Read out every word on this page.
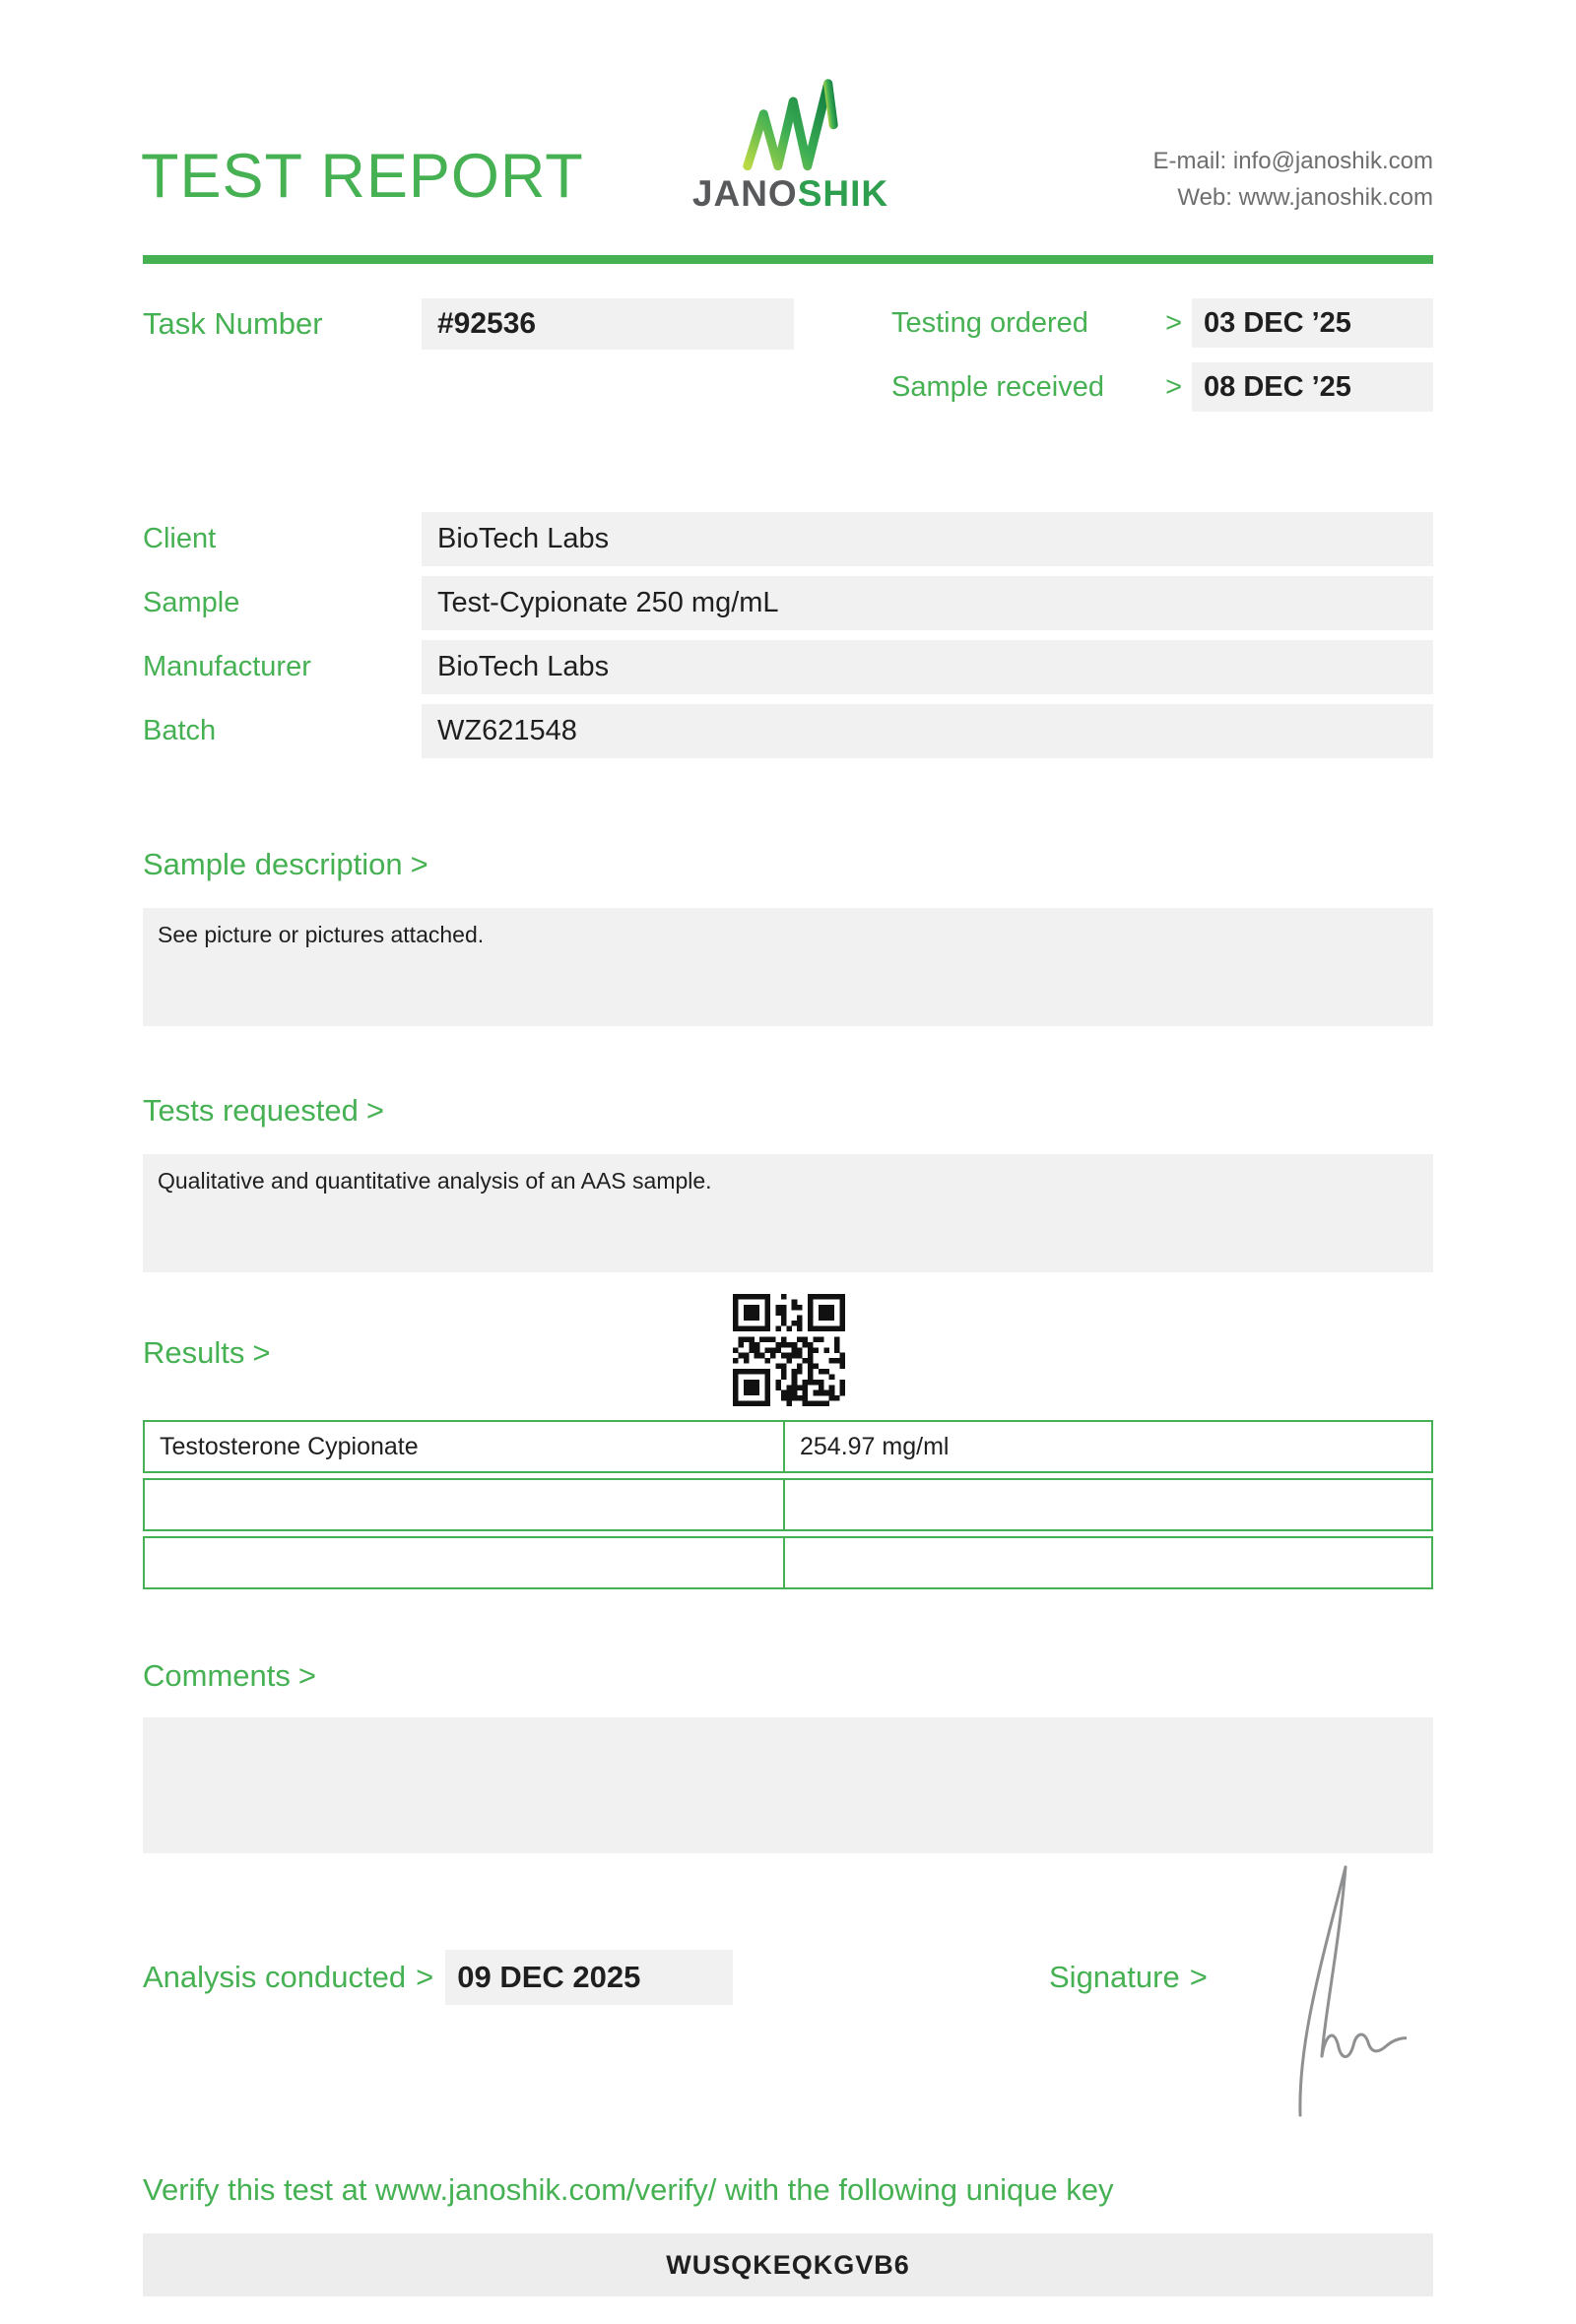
TEST REPORT	JANOSHIK
E-mail: info@janoshik.com
Web: www.janoshik.com
Task Number	#92536	Testing ordered	> 03 DEC ’25
Sample received	> 08 DEC ’25
Client	BioTech Labs
Sample	Test-Cypionate 250 mg/mL
Manufacturer	BioTech Labs
Batch	WZ621548
Sample description >
See picture or pictures attached.
Tests requested >
Qualitative and quantitative analysis of an AAS sample.
Results >
Testosterone Cypionate	254.97 mg/ml
Comments >
Analysis conducted > 09 DEC 2025	Signature >
Verify this test at www.janoshik.com/verify/ with the following unique key
WUSQKEQKGVB6
